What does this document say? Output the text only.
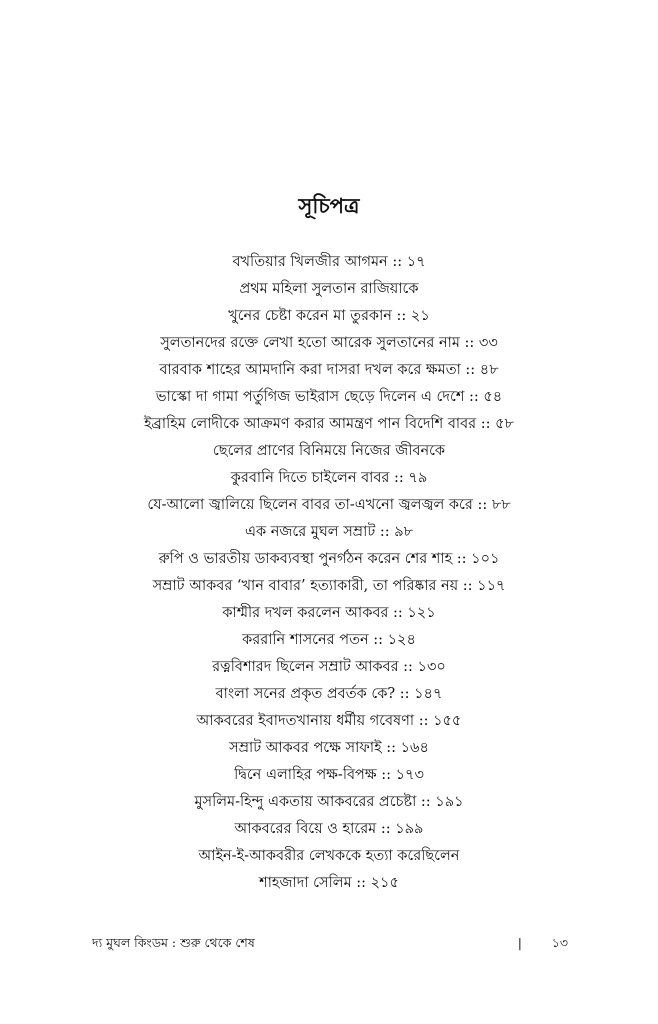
সূচিপত্র
বখতিয়ার খিলজীর আগমন :: ১৭
প্রথম মহিলা সুলতান রাজিয়াকে
খুনের চেষ্টা করেন মা তুরকান :: ২১
সুলতানদের রক্তে লেখা হতো আরেক সুলতানের নাম :: ৩৩
বারবাক শাহের আমদানি করা দাসরা দখল করে ক্ষমতা :: ৪৮
ভাস্কো দা গামা পর্তুগিজ ভাইরাস ছেড়ে দিলেন এ দেশে :: ৫৪
ইব্রাহিম লোদীকে আক্রমণ করার আমন্ত্রণ পান বিদেশি বাবর :: ৫৮
ছেলের প্রাণের বিনিময়ে নিজের জীবনকে
কুরবানি দিতে চাইলেন বাবর :: ৭৯
যে-আলো জ্বালিয়ে ছিলেন বাবর তা-এখনো জ্বলজ্বল করে :: ৮৮
এক নজরে মুঘল সম্রাট :: ৯৮
রুপি ও ভারতীয় ডাকব্যবস্থা পুনর্গঠন করেন শের শাহ :: ১০১
সম্রাট আকবর ‘খান বাবার’ হত্যাকারী, তা পরিষ্কার নয় :: ১১৭
কাশ্মীর দখল করলেন আকবর :: ১২১
কররানি শাসনের পতন :: ১২৪
রত্নবিশারদ ছিলেন সম্রাট আকবর :: ১৩০
বাংলা সনের প্রকৃত প্রবর্তক কে? :: ১৪৭
আকবরের ইবাদতখানায় ধর্মীয় গবেষণা :: ১৫৫
সম্রাট আকবর পক্ষে সাফাই :: ১৬৪
দ্বিনে এলাহির পক্ষ-বিপক্ষ :: ১৭৩
মুসলিম-হিন্দু একতায় আকবরের প্রচেষ্টা :: ১৯১
আকবরের বিয়ে ও হারেম :: ১৯৯
আইন-ই-আকবরীর লেখককে হত্যা করেছিলেন
শাহজাদা সেলিম :: ২১৫
দ্য মুঘল কিংডম : শুরু থেকে শেষ	| ১৩
